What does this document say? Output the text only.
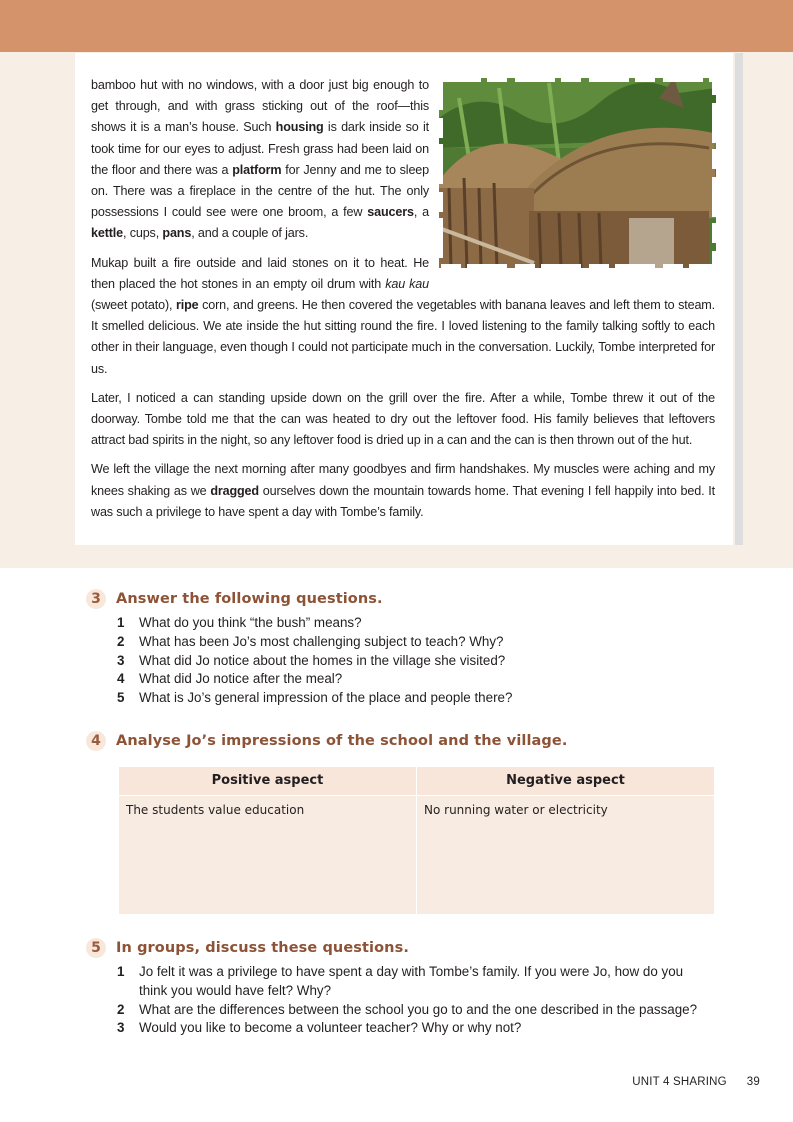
bamboo hut with no windows, with a door just big enough to get through, and with grass sticking out of the roof—this shows it is a man’s house. Such housing is dark inside so it took time for our eyes to adjust. Fresh grass had been laid on the floor and there was a platform for Jenny and me to sleep on. There was a fireplace in the centre of the hut. The only possessions I could see were one broom, a few saucers, a kettle, cups, pans, and a couple of jars.

Mukap built a fire outside and laid stones on it to heat. He then placed the hot stones in an empty oil drum with kau kau (sweet potato), ripe corn, and greens. He then covered the vegetables with banana leaves and left them to steam. It smelled delicious. We ate inside the hut sitting round the fire. I loved listening to the family talking softly to each other in their language, even though I could not participate much in the conversation. Luckily, Tombe interpreted for us.

Later, I noticed a can standing upside down on the grill over the fire. After a while, Tombe threw it out of the doorway. Tombe told me that the can was heated to dry out the leftover food. His family believes that leftovers attract bad spirits in the night, so any leftover food is dried up in a can and the can is then thrown out of the hut.

We left the village the next morning after many goodbyes and firm handshakes. My muscles were aching and my knees shaking as we dragged ourselves down the mountain towards home. That evening I fell happily into bed. It was such a privilege to have spent a day with Tombe’s family.

3	Answer the following questions.
1	What do you think “the bush” means?
2	What has been Jo’s most challenging subject to teach? Why?
3	What did Jo notice about the homes in the village she visited?
4	What did Jo notice after the meal?
5	What is Jo’s general impression of the place and people there?
4	Analyse Jo’s impressions of the school and the village.
Positive aspect	Negative aspect
The students value education	No running water or electricity
5	In groups, discuss these questions.
1	Jo felt it was a privilege to have spent a day with Tombe’s family. If you were Jo, how do you think you would have felt? Why?
2	What are the differences between the school you go to and the one described in the passage?
3	Would you like to become a volunteer teacher? Why or why not?
UNIT 4 SHARING 39
